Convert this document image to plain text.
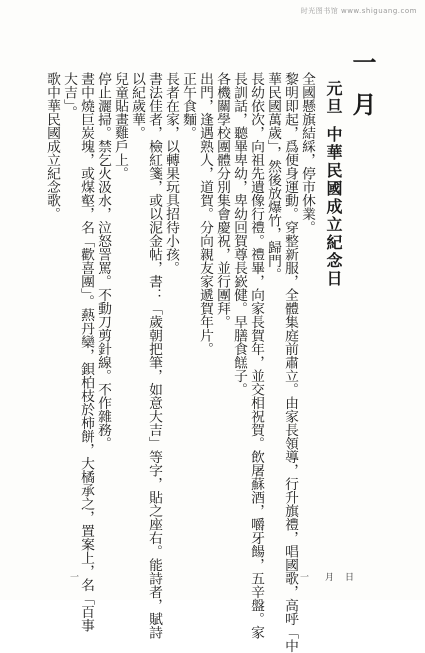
时光图书馆 www.shiguang.com
一月
元旦中華民國成立紀念日
全國懸旗結綵，停市休業。
黎明即起，爲便身運動。穿整新服，全體集庭前肅立。由家長領導，行升旗禮，唱國歌，高呼「中
華民國萬歲」，然後放爆竹，歸門。
長幼依次，向祖先遺像行禮。禮畢，向家長賀年，並交相祝賀。飲屠蘇酒，嚼牙餳，五辛盤。家
長訓話，聽畢卑幼，卑幼回賀尊長嶔健。早膳食餻子。
各機關學校團體分別集會慶祝，並行團拜。
出門，逢遇熟人，道賀。分向親友家遞賀年片。
正午食麵。
長者在家，以轉果玩具招待小孩。
書法佳者，檢紅箋，或以泥金帖，書：「歲朝把筆，如意大吉」等字，貼之座右。能詩者，賦詩
以紀歲華。
兒童貼畫雞戶上。
停止灑掃。禁乞火汲水，泣怒詈罵。不動刀剪針線。不作雜務。
晝中燒巨炭塊，或煤壑，名「歡喜團」。爇丹欒，鋇柏枝於柿餅，大橘承之，置案上，名「百事
大吉」。
歌中華民國成立紀念歌。
一 月
一	日
